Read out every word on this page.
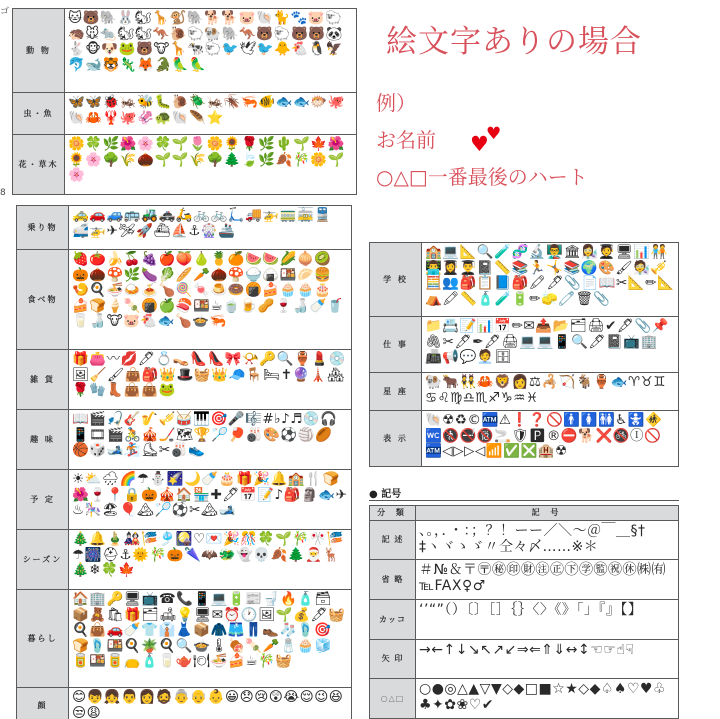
ゴ
8
動 物	🐱🐻🐘🐰🐿🦒🐒🐘🐕🐕🐷🐚🐈🐾🐷🐑🦔🐭🐀🐿🐿🦘🐌🐑🐏🐘🦘🐻🐑🐻🐻🐼🐇🐵🐶🐸🐻🐮🦒🐄🐑🐦🕊🐦🐥🐔🐧🦅🐬🐋🐯🦎🦊🐊🦜🦜
虫・魚	🦋🦋🐞🦗🐝🐛🐌🪲🦗🪳🦐🐠🐟🐟🐡🐙🐚🦀🦞🐙🦑🐢🐚🪶⭐
花・草木	🌼🍀🌿🌺🌸🍀🌱🌷🌼🌻🌹🌿🌵🌱🍁🌺🌻🌸🌳🌾🌰🌱🌱🌾🌳🌲🍃🌿🍂🎋🌼🌱🌸
絵文字ありの場合
例）
お名前	♥
♥
○△□一番最後のハート
乗り物	🚕🚗🚙🚌🚜🚓🛵🚲🚲🛴🚚🚁🚃🚋🚆🚅🚁✈🛩🚀⛴⛵⚓🎡🚢
食べ物	🍓🍅🍌🍒🍇🍎🍑🍐🍍🍊🍉🍉🌽🧅🥝🎃🌰🍄🌿🍆🥬🥖🥕🌰🍄🍚🍙🍱🥟🍔🍤🍳🍜🍛🍝🍗🍭🍬🍮🍩🍘🍰🧁🧁🎂🍰🍞🍦🍡🍘🍏🍣🍱☕🍵🍺🥜🍷🍶🍼🥤🥛🍶🐮🐷🐔🐟🍗🍲🦐
雑 貨	🎁👛〰💋🖊💍👡👠👠🎀📯🔑🔍🏺💄💿🖼🧹🖌👜🎒👑🎩🧺👑🧢🪑🛏✝🔮🗼🏘🌹🧤👢👜👜🐸
趣 味	📖🎬🎣🎸🎷🎺🥁🎹🎯🎤🎼#♭♪♬💿🎧📱🎞🎬🚴🎪🏒🗺🏆🏸🏓🎳🎨⚽🏐🏉🏀🎲🎿🏂⛸✂🎳👟
予 定	☀⛅🌧🌈☂⛄🌠🌙🍼🎂🎁🎉🔔🏫🍴🍞🌺🍷📍🔒🎃🎪🏠🏪✚🖊📅📝♪🎒🗿🐟✈♨🎠🏖🎈🏔🏸⚽✂🏔🎿
シーズン	🎄🔔🎍🎎🎏🎐🎑♡💌🎉🎊🍀🌱🎋🎌🎏☂🎆⛑⚓🌞🎋🎃🌂🦇🐲👻💀🍂🌲🎅🦌🎄❄🍀🍁
暮らし	🏠🏢🔑🖥📺☎📞📱💻🔋📰🚽🔥🧴🗃📦🧸🛍🎁🗂🛋💡🖥✉⏰🕐🖼🌱💰🖊🧺🍳👜🚗🍼👕👔👗📦🧥🩳👖👞🧦🩴🎯🍞🩴🍱🍳🪴🍳🔍🍲🌡🍖🍡🥕🧂🧁🧊🥫🍱🥫👝🧴🥛🫖🍽🍜🍰☕🎋🧺
顔	😊👦👧👨👩🧔👵👴👶😀😞😢😲😭😌😉😆😒😩
学 校	🏫💻📐🔍🧪🧬🔬👨‍🏫🏛👩‍🔬🧑‍🎓🖥📊🧑‍🤝‍🧑👨‍💻👩‍🎓👨‍🎓📓📏📚🏃🤸📚🌍🎨🖌🧑‍🔬🎺🧮👥🎒📋📘🎒🖍🖊📎📄📖✂📐✏📐⛺🖍📏🧴🧪🔋✏🧽🧷🗑📎
仕 事	📁📇📝📊📅✏✉📤📂🗂🖨✔🖋📎📌🖇✂🖊✒🖋🖨💻💻📱🔍🖊📓📺🏢📠📢💬🧑‍💼🗄
星 座	🐏🐂👯🦀🦁👩⚖🦂🏹🐐🏺🐟♈♉♊♋♌♍♎♏♐♑♒♓
表 示	🐚☢♻©🏧⚠❗❓🚫🚹🚺🚻♿🚼🚸🚾🚷🚭🔞🚬🛡🅿®⛔🐕❌🚳Ⓘ🚫🏧◁▷▷◁📶✅❎🏨☢
● 記号
分 類	記 号
記 述	、。，．・：；？！ーー／＼～＠￣＿§†‡ヽヾゝゞ〃仝々〆……※＊
省 略	＃№＆〒〶㊙㊞㊖㊟㊣㊦㊫㊬㊗㊡㈱㈲℡FAX♀♂
カッコ	‘’“”（）〔〕［］｛｝〈〉《》「」『』【】
矢 印	→←↑↓↘↖↗↙⇒⇐⇑⇓↔↕☜☞☝☟
○△□	○●◎△▲▽▼◇◆□■☆★◇◆♤♠♡♥♧♣✦✿❀♡✔
